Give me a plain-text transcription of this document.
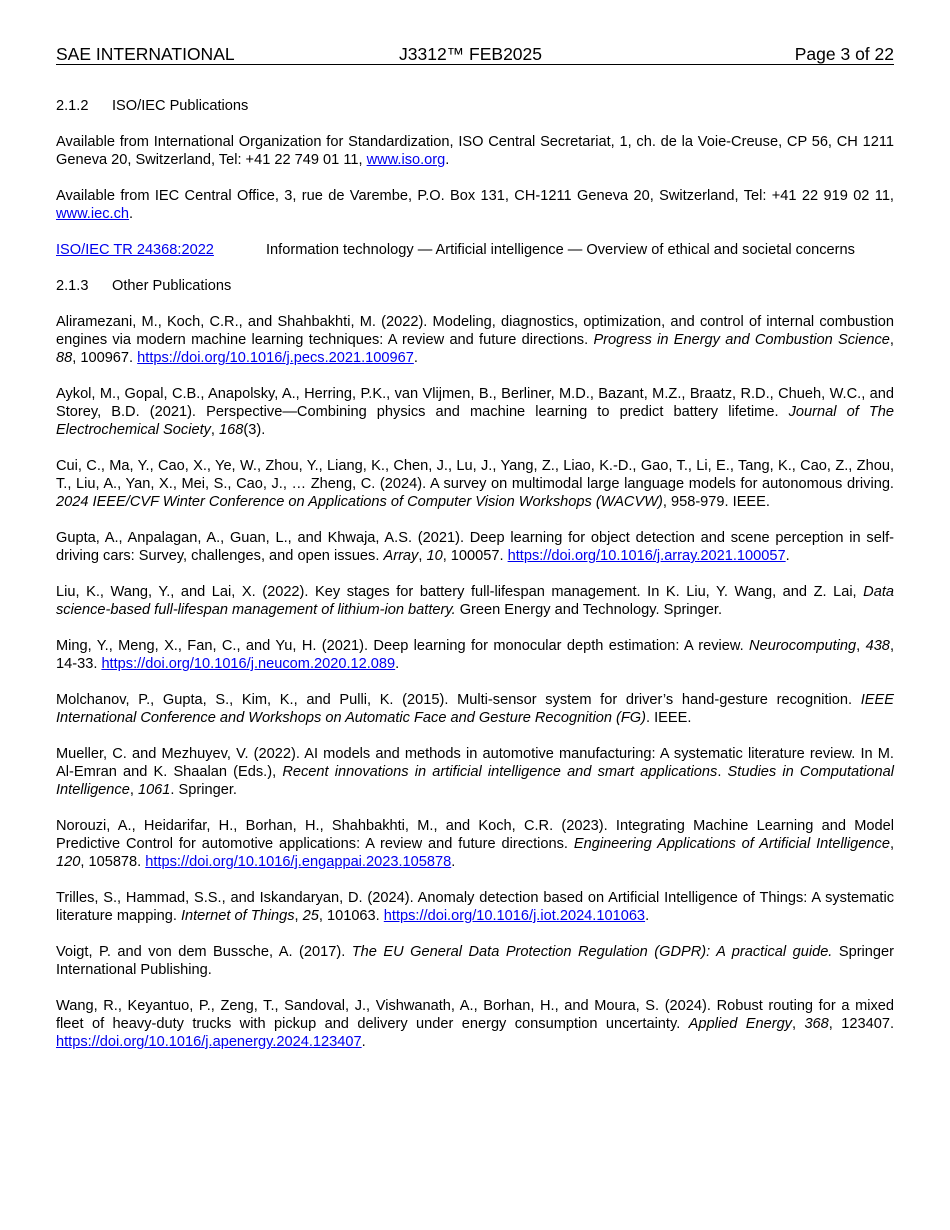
SAE INTERNATIONAL	J3312™ FEB2025	Page 3 of 22
2.1.2 ISO/IEC Publications

Available from International Organization for Standardization, ISO Central Secretariat, 1, ch. de la Voie-Creuse, CP 56, CH 1211 Geneva 20, Switzerland, Tel: +41 22 749 01 11, www.iso.org.

Available from IEC Central Office, 3, rue de Varembe, P.O. Box 131, CH-1211 Geneva 20, Switzerland, Tel: +41 22 919 02 11, www.iec.ch.

ISO/IEC TR 24368:2022	Information technology — Artificial intelligence — Overview of ethical and societal concerns
2.1.3 Other Publications

Aliramezani, M., Koch, C.R., and Shahbakhti, M. (2022). Modeling, diagnostics, optimization, and control of internal combustion engines via modern machine learning techniques: A review and future directions. Progress in Energy and Combustion Science, 88, 100967. https://doi.org/10.1016/j.pecs.2021.100967.

Aykol, M., Gopal, C.B., Anapolsky, A., Herring, P.K., van Vlijmen, B., Berliner, M.D., Bazant, M.Z., Braatz, R.D., Chueh, W.C., and Storey, B.D. (2021). Perspective—Combining physics and machine learning to predict battery lifetime. Journal of The Electrochemical Society, 168(3).

Cui, C., Ma, Y., Cao, X., Ye, W., Zhou, Y., Liang, K., Chen, J., Lu, J., Yang, Z., Liao, K.-D., Gao, T., Li, E., Tang, K., Cao, Z., Zhou, T., Liu, A., Yan, X., Mei, S., Cao, J., … Zheng, C. (2024). A survey on multimodal large language models for autonomous driving. 2024 IEEE/CVF Winter Conference on Applications of Computer Vision Workshops (WACVW), 958-979. IEEE.

Gupta, A., Anpalagan, A., Guan, L., and Khwaja, A.S. (2021). Deep learning for object detection and scene perception in self-driving cars: Survey, challenges, and open issues. Array, 10, 100057. https://doi.org/10.1016/j.array.2021.100057.

Liu, K., Wang, Y., and Lai, X. (2022). Key stages for battery full-lifespan management. In K. Liu, Y. Wang, and Z. Lai, Data science-based full-lifespan management of lithium-ion battery. Green Energy and Technology. Springer.

Ming, Y., Meng, X., Fan, C., and Yu, H. (2021). Deep learning for monocular depth estimation: A review. Neurocomputing, 438, 14-33. https://doi.org/10.1016/j.neucom.2020.12.089.

Molchanov, P., Gupta, S., Kim, K., and Pulli, K. (2015). Multi-sensor system for driver’s hand-gesture recognition. IEEE International Conference and Workshops on Automatic Face and Gesture Recognition (FG). IEEE.

Mueller, C. and Mezhuyev, V. (2022). AI models and methods in automotive manufacturing: A systematic literature review. In M. Al-Emran and K. Shaalan (Eds.), Recent innovations in artificial intelligence and smart applications. Studies in Computational Intelligence, 1061. Springer.

Norouzi, A., Heidarifar, H., Borhan, H., Shahbakhti, M., and Koch, C.R. (2023). Integrating Machine Learning and Model Predictive Control for automotive applications: A review and future directions. Engineering Applications of Artificial Intelligence, 120, 105878. https://doi.org/10.1016/j.engappai.2023.105878.

Trilles, S., Hammad, S.S., and Iskandaryan, D. (2024). Anomaly detection based on Artificial Intelligence of Things: A systematic literature mapping. Internet of Things, 25, 101063. https://doi.org/10.1016/j.iot.2024.101063.

Voigt, P. and von dem Bussche, A. (2017). The EU General Data Protection Regulation (GDPR): A practical guide. Springer International Publishing.

Wang, R., Keyantuo, P., Zeng, T., Sandoval, J., Vishwanath, A., Borhan, H., and Moura, S. (2024). Robust routing for a mixed fleet of heavy-duty trucks with pickup and delivery under energy consumption uncertainty. Applied Energy, 368, 123407. https://doi.org/10.1016/j.apenergy.2024.123407.
